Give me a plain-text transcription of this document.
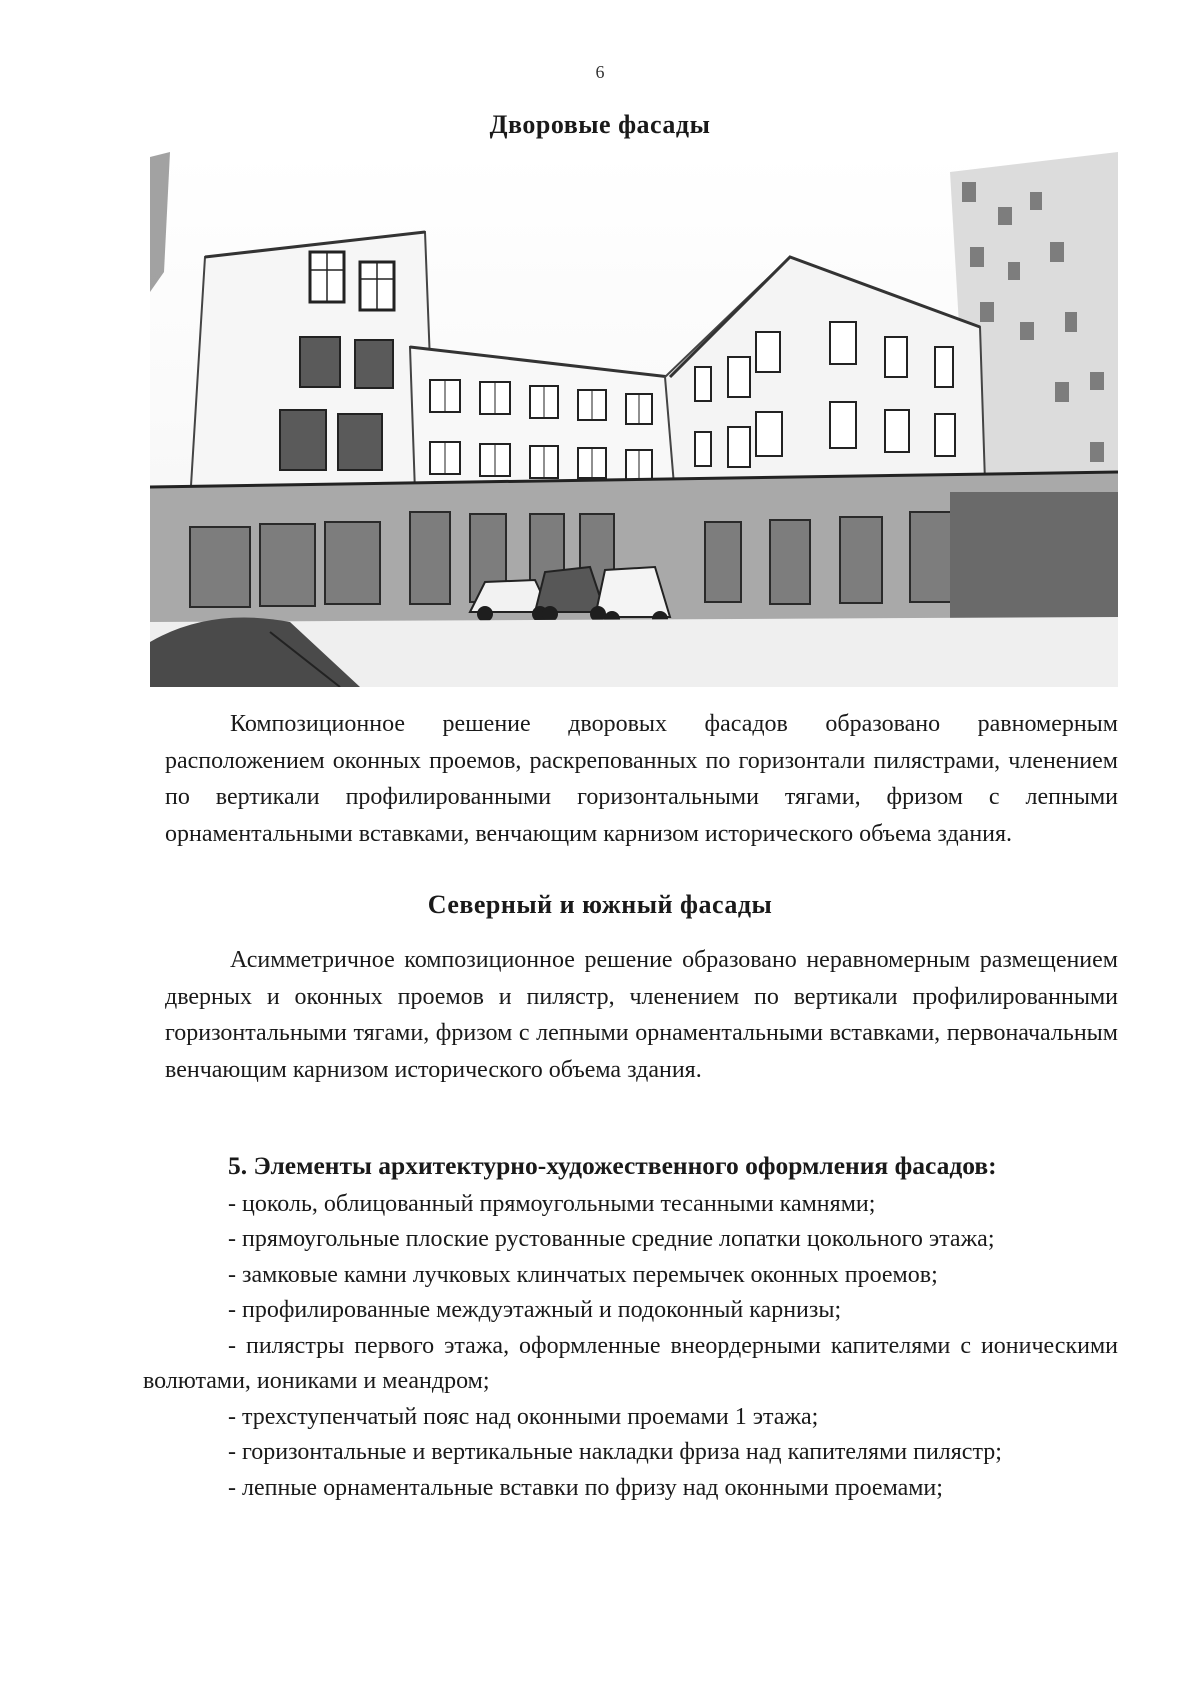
6
Дворовые фасады

Композиционное решение дворовых фасадов образовано равномерным расположением оконных проемов, раскрепованных по горизонтали пилястрами, членением по вертикали профилированными горизонтальными тягами, фризом с лепными орнаментальными вставками, венчающим карнизом исторического объема здания.

Северный и южный фасады

Асимметричное композиционное решение образовано неравномерным размещением дверных и оконных проемов и пилястр, членением по вертикали профилированными горизонтальными тягами, фризом с лепными орнаментальными вставками, первоначальным венчающим карнизом исторического объема здания.

5. Элементы архитектурно-художественного оформления фасадов:

- цоколь, облицованный прямоугольными тесанными камнями;

- прямоугольные плоские рустованные средние лопатки цокольного этажа;

- замковые камни лучковых клинчатых перемычек оконных проемов;

- профилированные междуэтажный и подоконный карнизы;

- пилястры первого этажа, оформленные внеордерными капителями с ионическими волютами, иониками и меандром;

- трехступенчатый пояс над оконными проемами 1 этажа;

- горизонтальные и вертикальные накладки фриза над капителями пилястр;

- лепные орнаментальные вставки по фризу над оконными проемами;
